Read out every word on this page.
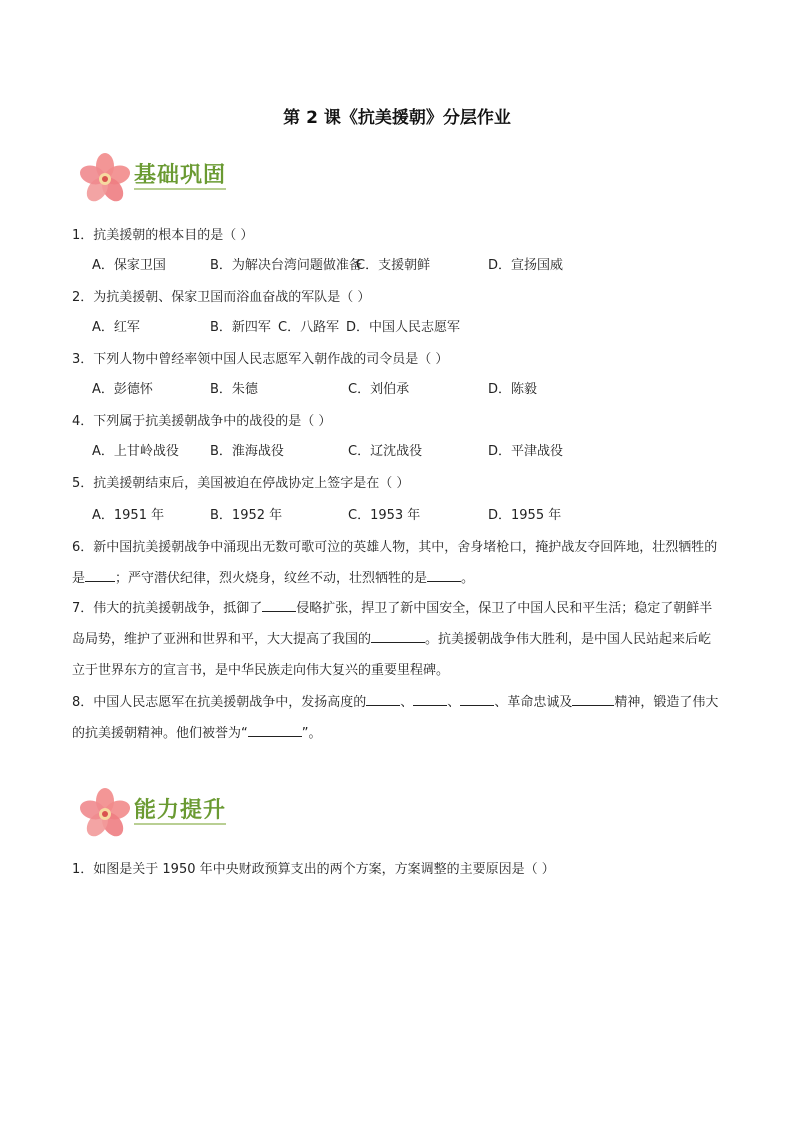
第 2 课《抗美援朝》分层作业
基础巩固
1．抗美援朝的根本目的是（ ）
A．保家卫国	B．为解决台湾问题做准备
C．支援朝鲜	D．宣扬国威
2．为抗美援朝、保家卫国而浴血奋战的军队是（ ）
A．红军	B．新四军 C．八路军 D．中国人民志愿军
3．下列人物中曾经率领中国人民志愿军入朝作战的司令员是（ ）
A．彭德怀	B．朱德	C．刘伯承	D．陈毅
4．下列属于抗美援朝战争中的战役的是（ ）
A．上甘岭战役 B．淮海战役	C．辽沈战役	D．平津战役
5．抗美援朝结束后，美国被迫在停战协定上签字是在（ ）
A．1951 年	B．1952 年	C．1953 年	D．1955 年

6．新中国抗美援朝战争中涌现出无数可歌可泣的英雄人物，其中，舍身堵枪口，掩护战友夺回阵地，壮烈牺牲的是 ；严守潜伏纪律，烈火烧身，纹丝不动，壮烈牺牲的是	。

7．伟大的抗美援朝战争，抵御了	侵略扩张，捍卫了新中国安全，保卫了中国人民和平生活；稳定了朝鲜半岛局势，维护了亚洲和世界和平，大大提高了我国的	。抗美援朝战争伟大胜利，是中国人民站起来后屹立于世界东方的宣言书，是中华民族走向伟大复兴的重要里程碑。

8．中国人民志愿军在抗美援朝战争中，发扬高度的	、	、	、革命忠诚及	精神，锻造了伟大的抗美援朝精神。他们被誉为“	”。

能力提升
1．如图是关于 1950 年中央财政预算支出的两个方案，方案调整的主要原因是（ ）
